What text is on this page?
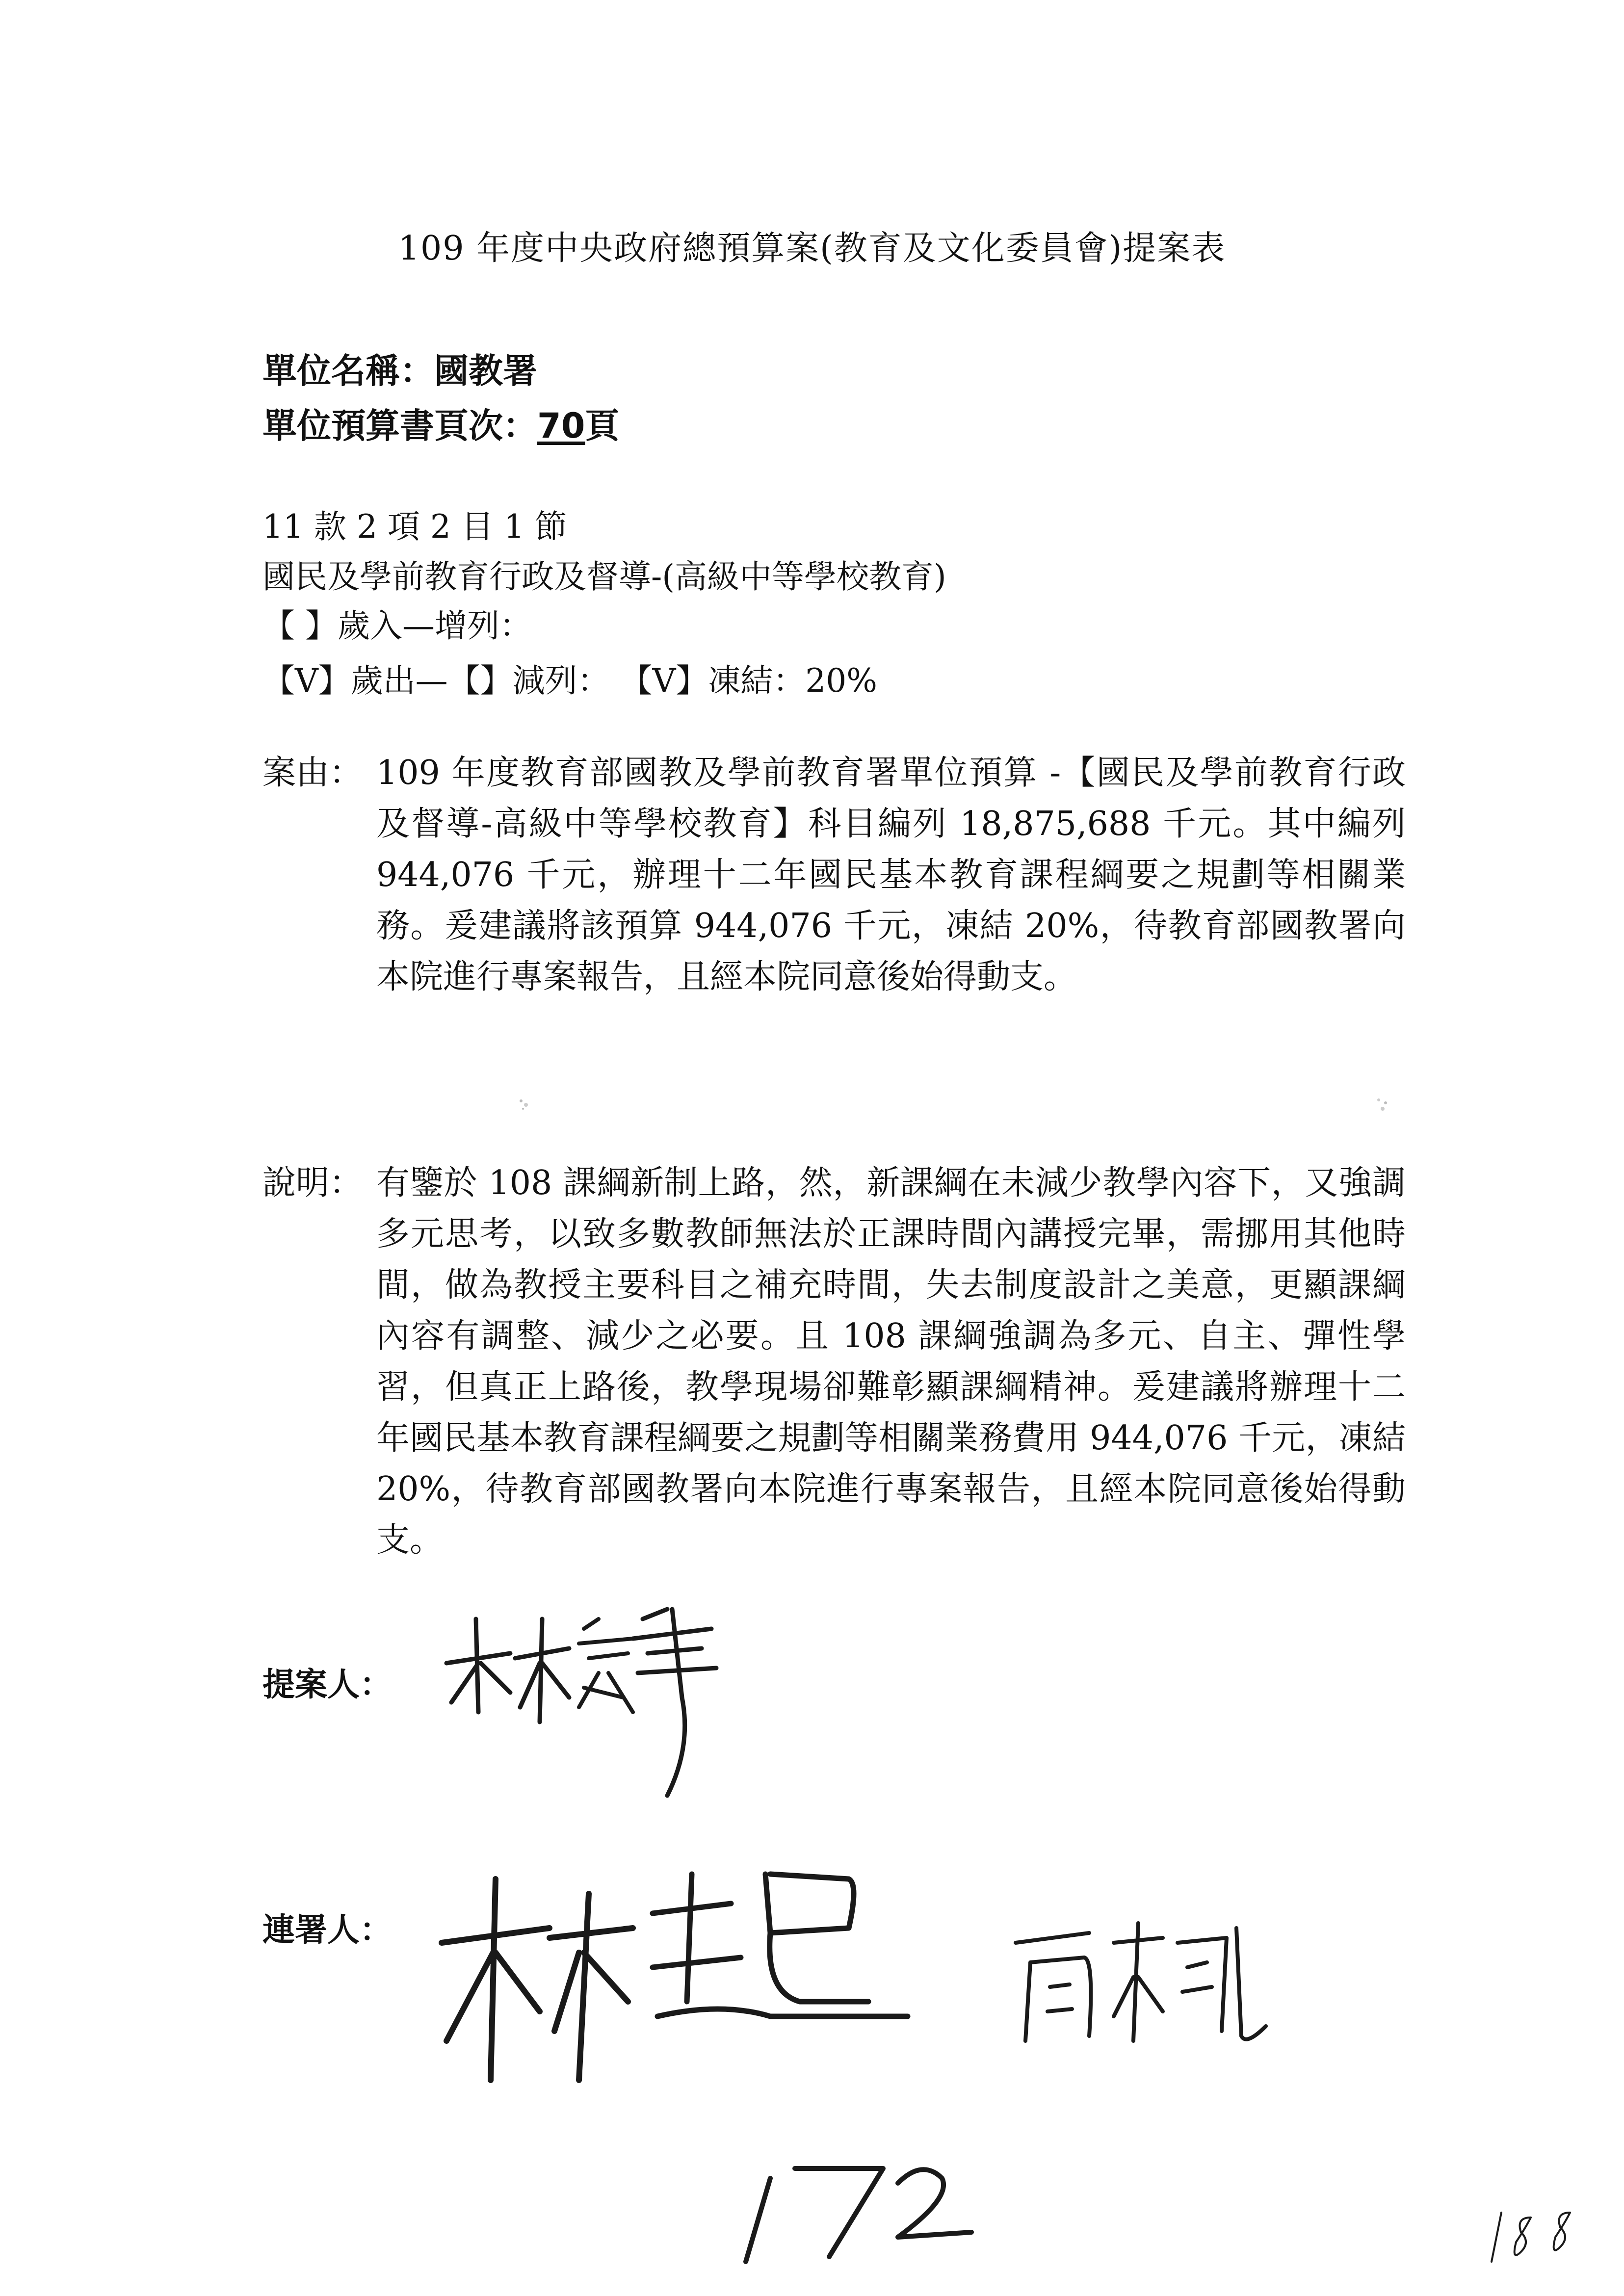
109 年度中央政府總預算案(教育及文化委員會)提案表
單位名稱：國教署
單位預算書頁次：70頁
11 款 2 項 2 目 1 節
國民及學前教育行政及督導-(高級中等學校教育)
【 】歲入—增列：
【V】歲出—【】減列： 【V】凍結：20%
案由： 109 年度教育部國教及學前教育署單位預算 -【國民及學前教育行政及督導-高級中等學校教育】科目編列 18,875,688 千元。其中編列 944,076 千元，辦理十二年國民基本教育課程綱要之規劃等相關業務。爰建議將該預算 944,076 千元，凍結 20%，待教育部國教署向本院進行專案報告，且經本院同意後始得動支。
說明： 有鑒於 108 課綱新制上路，然，新課綱在未減少教學內容下，又強調多元思考，以致多數教師無法於正課時間內講授完畢，需挪用其他時間，做為教授主要科目之補充時間，失去制度設計之美意，更顯課綱內容有調整、減少之必要。且 108 課綱強調為多元、自主、彈性學習，但真正上路後，教學現場卻難彰顯課綱精神。爰建議將辦理十二年國民基本教育課程綱要之規劃等相關業務費用 944,076 千元，凍結 20%，待教育部國教署向本院進行專案報告，且經本院同意後始得動支。
提案人：
連署人：
